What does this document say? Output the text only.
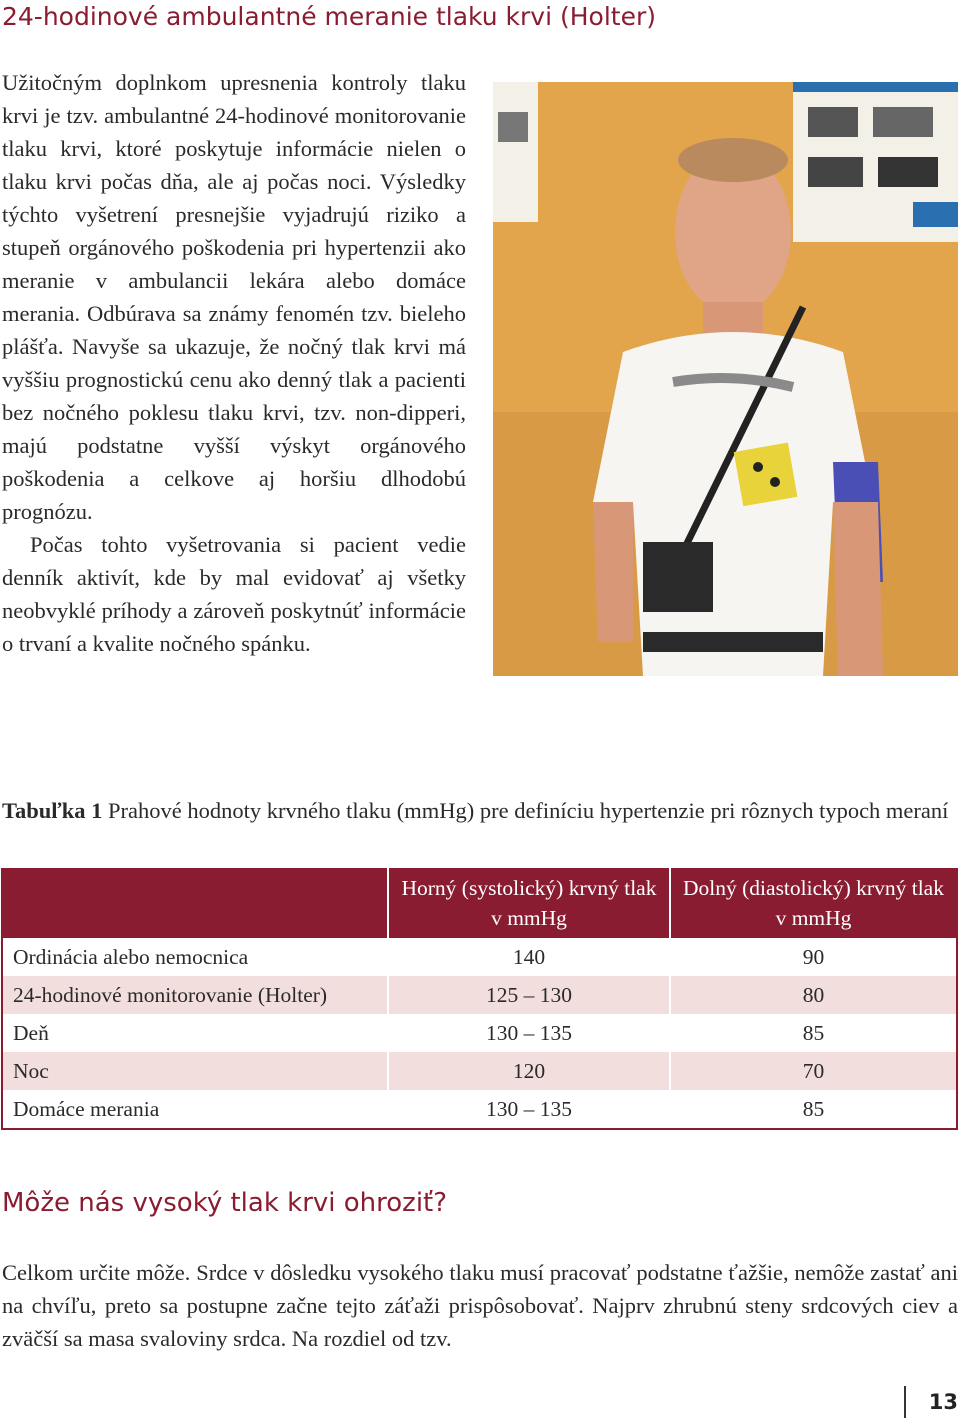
24-hodinové ambulantné meranie tlaku krvi (Holter)

Užitočným doplnkom upresnenia kontroly tlaku krvi je tzv. ambulantné 24-hodinové monitorovanie tlaku krvi, ktoré poskytuje informácie nielen o tlaku krvi počas dňa, ale aj počas noci. Výsledky týchto vyšetrení presnejšie vyjadrujú riziko a stupeň orgánového poškodenia pri hypertenzii ako meranie v ambulancii lekára alebo domáce merania. Odbúrava sa známy fenomén tzv. bieleho plášťa. Navyše sa ukazuje, že nočný tlak krvi má vyššiu prognostickú cenu ako denný tlak a pacienti bez nočného poklesu tlaku krvi, tzv. non-dipperi, majú podstatne vyšší výskyt orgánového poškodenia a celkove aj horšiu dlhodobú prognózu.

Počas tohto vyšetrovania si pacient vedie denník aktivít, kde by mal evidovať aj všetky neobvyklé príhody a zároveň poskytnúť informácie o trvaní a kvalite nočného spánku.

Tabuľka 1 Prahové hodnoty krvného tlaku (mmHg) pre definíciu hypertenzie pri rôznych typoch meraní

	Horný (systolický) krvný tlak v mmHg	Dolný (diastolický) krvný tlak v mmHg
Ordinácia alebo nemocnica	140	90
24-hodinové monitorovanie (Holter)	125 – 130	80
Deň	130 – 135	85
Noc	120	70
Domáce merania	130 – 135	85
Môže nás vysoký tlak krvi ohroziť?

Celkom určite môže. Srdce v dôsledku vysokého tlaku musí pracovať podstatne ťažšie, nemôže zastať ani na chvíľu, preto sa postupne začne tejto záťaži prispôsobovať. Najprv zhrubnú steny srdcových ciev a zväčší sa masa svaloviny srdca. Na rozdiel od tzv.

13
